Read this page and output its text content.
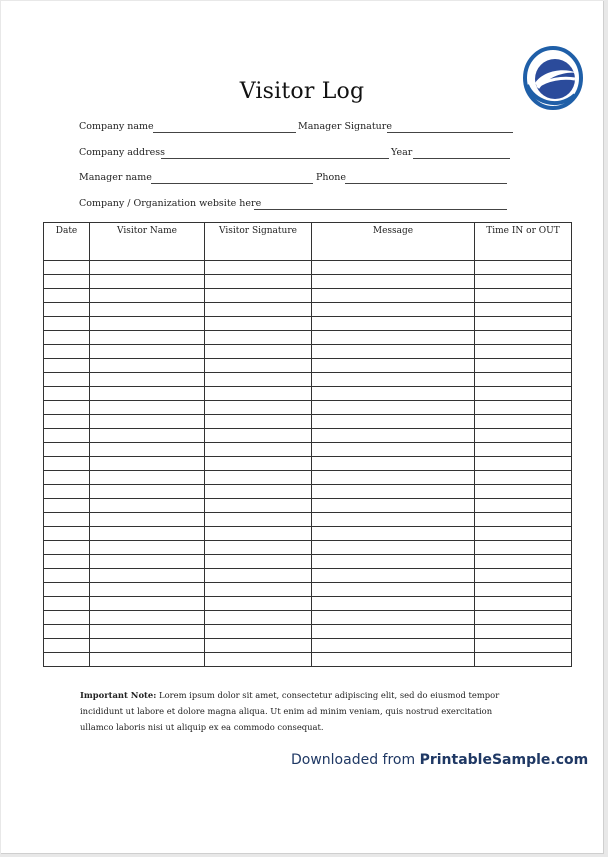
Visitor Log
Company name	Manager Signature
Company address	Year
Manager name	Phone
Company / Organization website here
Date	Visitor Name	Visitor Signature	Message	Time IN or OUT

Important Note: Lorem ipsum dolor sit amet, consectetur adipiscing elit, sed do eiusmod tempor incididunt ut labore et dolore magna aliqua. Ut enim ad minim veniam, quis nostrud exercitation ullamco laboris nisi ut aliquip ex ea commodo consequat.
Downloaded from PrintableSample.com
